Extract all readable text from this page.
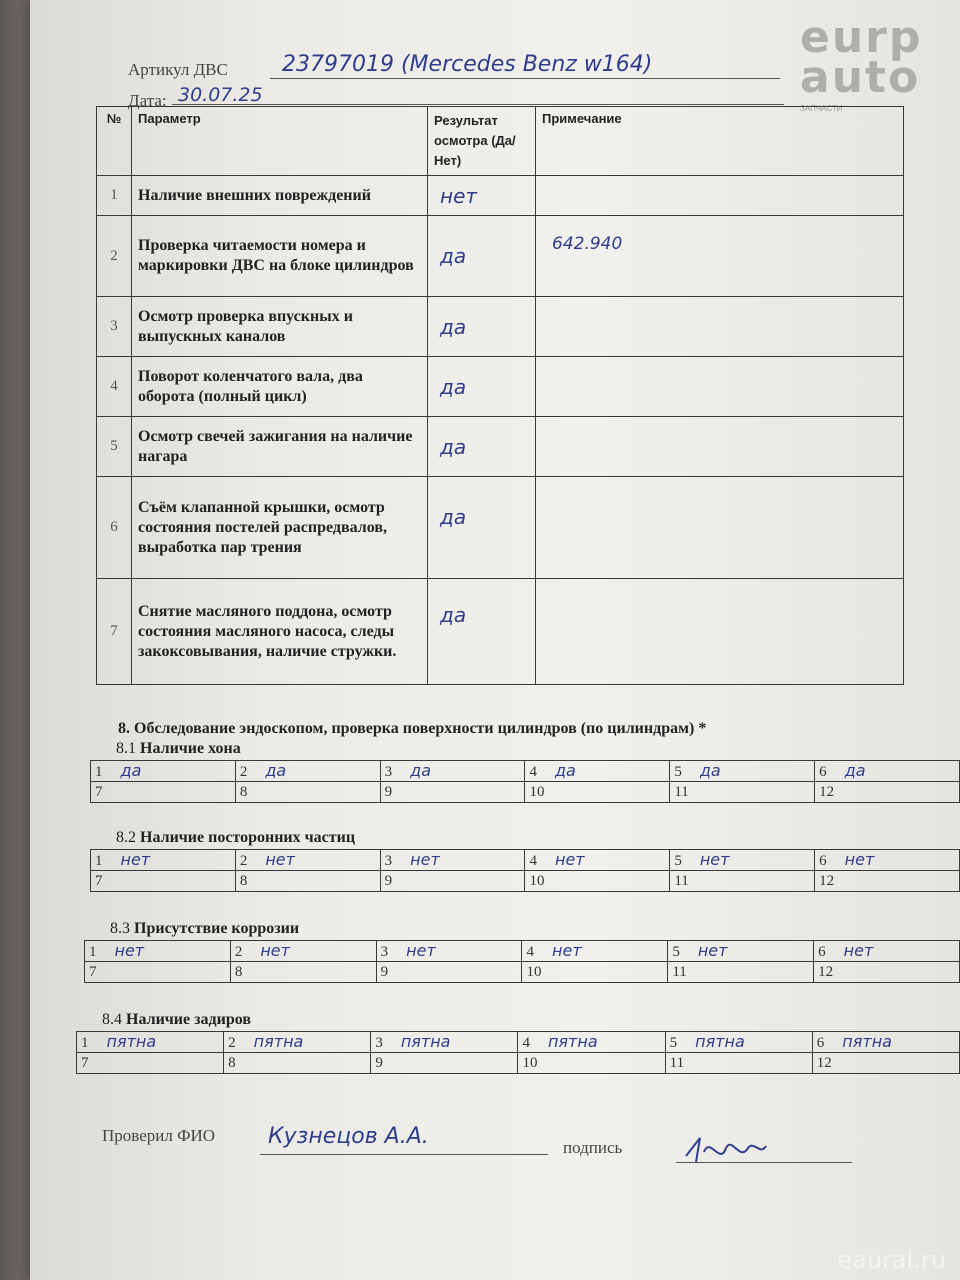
eurp
auto
ЗАПЧАСТИ
Артикул ДВС 23797019 (Mercedes Benz w164)
Дата: 30.07.25
№	Параметр	Результат осмотра (Да/Нет)	Примечание
1	Наличие внешних повреждений	нет	
2	Проверка читаемости номера и маркировки ДВС на блоке цилиндров	да	642.940
3	Осмотр проверка впускных и выпускных каналов	да	
4	Поворот коленчатого вала, два оборота (полный цикл)	да	
5	Осмотр свечей зажигания на наличие нагара	да	
6	Съём клапанной крышки, осмотр состояния постелей распредвалов, выработка пар трения	да	
7	Снятие масляного поддона, осмотр состояния масляного насоса, следы закоксовывания, наличие стружки.	да	
8. Обследование эндоскопом, проверка поверхности цилиндров (по цилиндрам) *
8.1 Наличие хона
1 да	2 да	3 да	4 да	5 да	6 да
7	8	9	10	11	12
8.2 Наличие посторонних частиц
1 нет	2 нет	3 нет	4 нет	5 нет	6 нет
7	8	9	10	11	12
8.3 Присутствие коррозии
1 нет	2 нет	3 нет	4 нет	5 нет	6 нет
7	8	9	10	11	12
8.4 Наличие задиров
1 пятна	2 пятна	3 пятна	4 пятна	5 пятна	6 пятна
7	8	9	10	11	12
Проверил ФИО Кузнецов А.А.	подпись
eaural.ru
